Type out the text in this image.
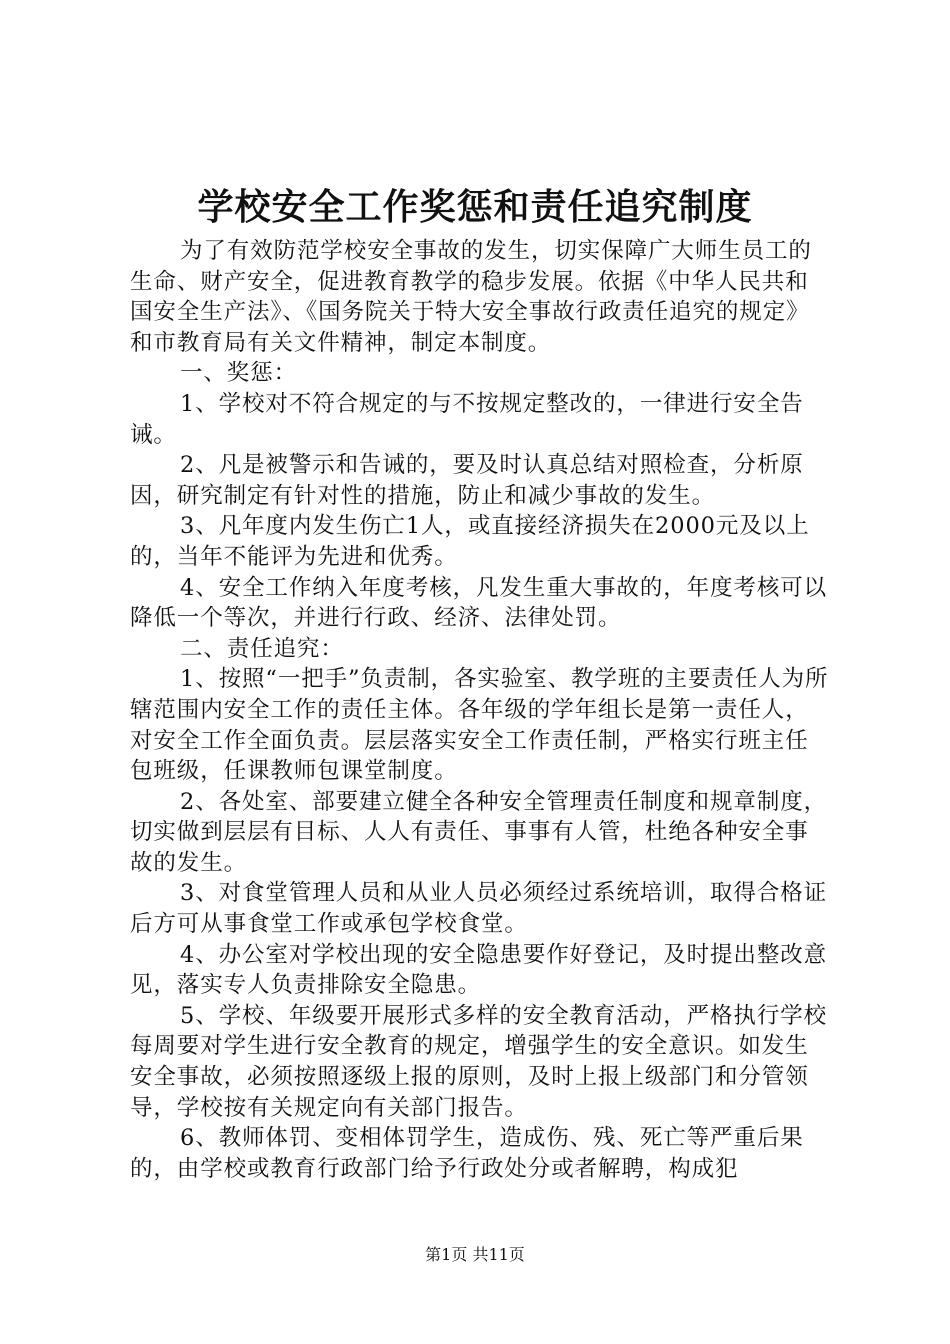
学校安全工作奖惩和责任追究制度

为了有效防范学校安全事故的发生，切实保障广大师生员工的生命、财产安全，促进教育教学的稳步发展。依据《中华人民共和国安全生产法》、《国务院关于特大安全事故行政责任追究的规定》和市教育局有关文件精神，制定本制度。

一、奖惩：

1、学校对不符合规定的与不按规定整改的，一律进行安全告诫。

2、凡是被警示和告诫的，要及时认真总结对照检查，分析原因，研究制定有针对性的措施，防止和减少事故的发生。

3、凡年度内发生伤亡1人，或直接经济损失在2000元及以上的，当年不能评为先进和优秀。

4、安全工作纳入年度考核，凡发生重大事故的，年度考核可以降低一个等次，并进行行政、经济、法律处罚。

二、责任追究：

1、按照“一把手”负责制，各实验室、教学班的主要责任人为所辖范围内安全工作的责任主体。各年级的学年组长是第一责任人，对安全工作全面负责。层层落实安全工作责任制，严格实行班主任包班级，任课教师包课堂制度。

2、各处室、部要建立健全各种安全管理责任制度和规章制度，切实做到层层有目标、人人有责任、事事有人管，杜绝各种安全事故的发生。

3、对食堂管理人员和从业人员必须经过系统培训，取得合格证后方可从事食堂工作或承包学校食堂。

4、办公室对学校出现的安全隐患要作好登记，及时提出整改意见，落实专人负责排除安全隐患。

5、学校、年级要开展形式多样的安全教育活动，严格执行学校每周要对学生进行安全教育的规定，增强学生的安全意识。如发生安全事故，必须按照逐级上报的原则，及时上报上级部门和分管领导，学校按有关规定向有关部门报告。

6、教师体罚、变相体罚学生，造成伤、残、死亡等严重后果的，由学校或教育行政部门给予行政处分或者解聘，构成犯

第1页 共11页
